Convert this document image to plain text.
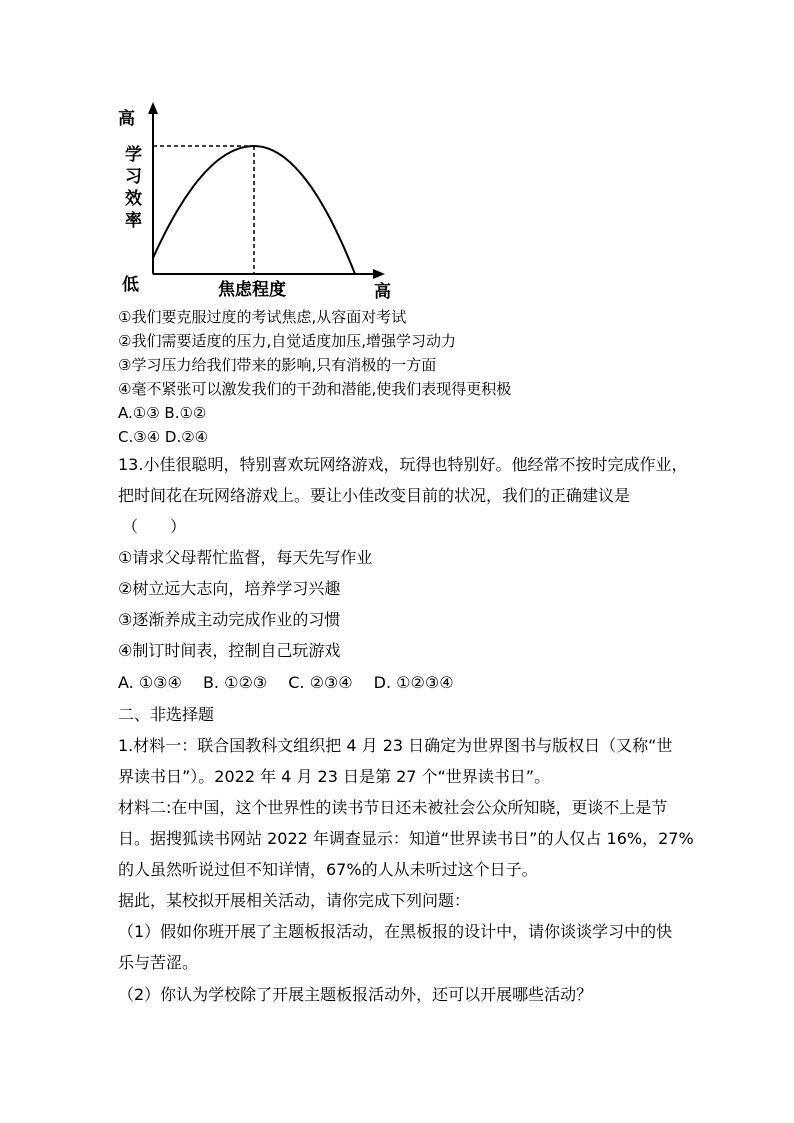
高
学
习
效
率
低	焦虑程度	高
①我们要克服过度的考试焦虑,从容面对考试
②我们需要适度的压力,自觉适度加压,增强学习动力
③学习压力给我们带来的影响,只有消极的一方面
④毫不紧张可以激发我们的干劲和潜能,使我们表现得更积极
A.①③ B.①②
C.③④ D.②④
13.小佳很聪明，特别喜欢玩网络游戏，玩得也特别好。他经常不按时完成作业，
把时间花在玩网络游戏上。要让小佳改变目前的状况，我们的正确建议是
（　　）
①请求父母帮忙监督，每天先写作业
②树立远大志向，培养学习兴趣
③逐渐养成主动完成作业的习惯
④制订时间表，控制自己玩游戏
A. ①③④　 B. ①②③　 C. ②③④　 D. ①②③④
二、非选择题
1.材料一：联合国教科文组织把 4 月 23 日确定为世界图书与版权日（又称“世
界读书日”）。2022 年 4 月 23 日是第 27 个“世界读书日”。
材料二:在中国，这个世界性的读书节日还未被社会公众所知晓，更谈不上是节
日。据搜狐读书网站 2022 年调查显示：知道“世界读书日”的人仅占 16%，27%
的人虽然听说过但不知详情，67%的人从未听过这个日子。
据此，某校拟开展相关活动，请你完成下列问题：
（1）假如你班开展了主题板报活动，在黑板报的设计中，请你谈谈学习中的快
乐与苦涩。
（2）你认为学校除了开展主题板报活动外，还可以开展哪些活动？
